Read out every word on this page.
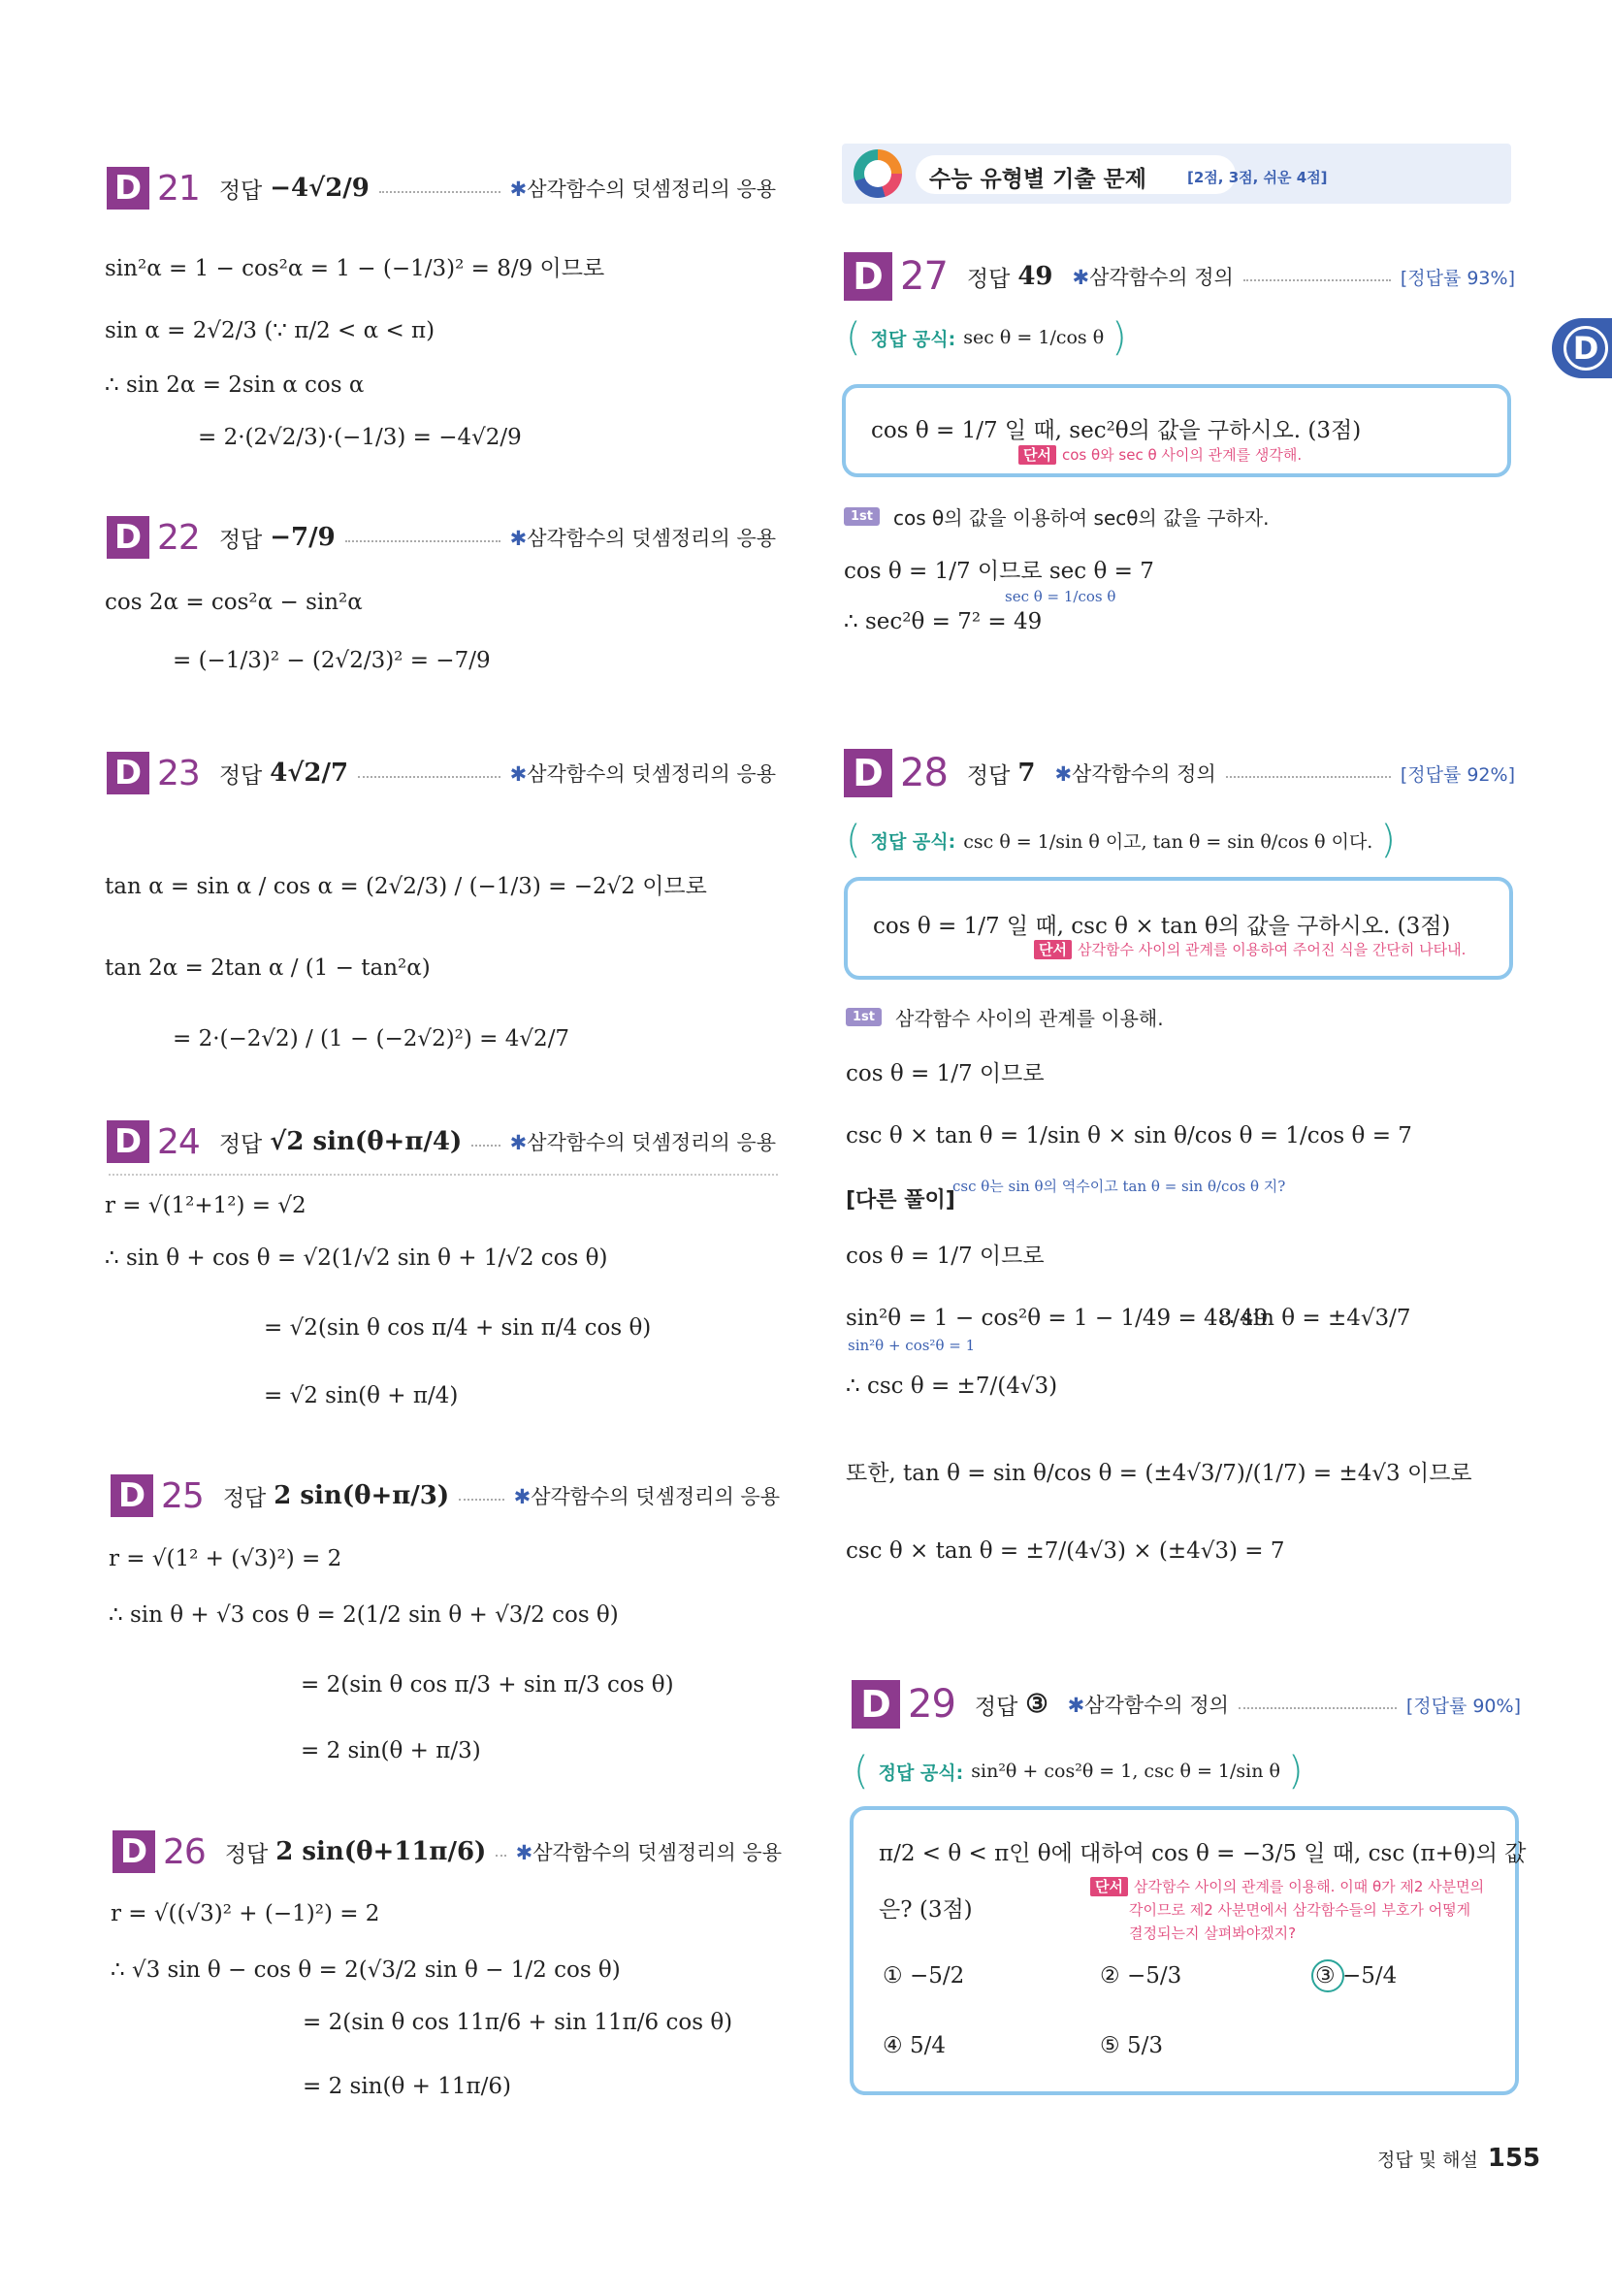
D
D 21 정답 −4√2/9	✱삼각함수의 덧셈정리의 응용
sin²α = 1 − cos²α = 1 − (−1/3)² = 8/9 이므로
sin α = 2√2/3 (∵ π/2 < α < π)
∴ sin 2α = 2sin α cos α
= 2·(2√2/3)·(−1/3) = −4√2/9
D 22 정답 −7/9	✱삼각함수의 덧셈정리의 응용
cos 2α = cos²α − sin²α
= (−1/3)² − (2√2/3)² = −7/9
D 23 정답 4√2/7	✱삼각함수의 덧셈정리의 응용
tan α = sin α / cos α = (2√2/3) / (−1/3) = −2√2 이므로
tan 2α = 2tan α / (1 − tan²α)
= 2·(−2√2) / (1 − (−2√2)²) = 4√2/7
D 24 정답 √2 sin(θ+π/4) ✱삼각함수의 덧셈정리의 응용
r = √(1²+1²) = √2
∴ sin θ + cos θ = √2(1/√2 sin θ + 1/√2 cos θ)
= √2(sin θ cos π/4 + sin π/4 cos θ)
= √2 sin(θ + π/4)
D 25 정답 2 sin(θ+π/3)	✱삼각함수의 덧셈정리의 응용
r = √(1² + (√3)²) = 2
∴ sin θ + √3 cos θ = 2(1/2 sin θ + √3/2 cos θ)
= 2(sin θ cos π/3 + sin π/3 cos θ)
= 2 sin(θ + π/3)
D 26 정답 2 sin(θ+11π/6) ✱삼각함수의 덧셈정리의 응용
r = √((√3)² + (−1)²) = 2
∴ √3 sin θ − cos θ = 2(√3/2 sin θ − 1/2 cos θ)
= 2(sin θ cos 11π/6 + sin 11π/6 cos θ)
= 2 sin(θ + 11π/6)
수능 유형별 기출 문제	[2점, 3점, 쉬운 4점]
D 27 정답 49 ✱삼각함수의 정의	[정답률 93%]
( 정답 공식: sec θ = 1/cos θ )
cos θ = 1/7 일 때, sec²θ의 값을 구하시오. (3점)
단서 cos θ와 sec θ 사이의 관계를 생각해.
1st	cos θ의 값을 이용하여 secθ의 값을 구하자.
cos θ = 1/7 이므로 sec θ = 7
sec θ = 1/cos θ
∴ sec²θ = 7² = 49
D 28 정답 7 ✱삼각함수의 정의	[정답률 92%]
( 정답 공식: csc θ = 1/sin θ 이고, tan θ = sin θ/cos θ 이다. )
cos θ = 1/7 일 때, csc θ × tan θ의 값을 구하시오. (3점)
단서 삼각함수 사이의 관계를 이용하여 주어진 식을 간단히 나타내.
1st	삼각함수 사이의 관계를 이용해.
cos θ = 1/7 이므로
csc θ × tan θ = 1/sin θ × sin θ/cos θ = 1/cos θ = 7
[다른 풀이]
csc θ는 sin θ의 역수이고 tan θ = sin θ/cos θ 지?
cos θ = 1/7 이므로
sin²θ = 1 − cos²θ = 1 − 1/49 = 48/49
sin²θ + cos²θ = 1
∴ sin θ = ±4√3/7
∴ csc θ = ±7/(4√3)
또한, tan θ = sin θ/cos θ = (±4√3/7)/(1/7) = ±4√3 이므로
csc θ × tan θ = ±7/(4√3) × (±4√3) = 7
D 29 정답 ③ ✱삼각함수의 정의	[정답률 90%]
( 정답 공식: sin²θ + cos²θ = 1, csc θ = 1/sin θ )
π/2 < θ < π인 θ에 대하여 cos θ = −3/5 일 때, csc (π+θ)의 값
은? (3점)
단서 삼각함수 사이의 관계를 이용해. 이때 θ가 제2 사분면의
각이므로 제2 사분면에서 삼각함수들의 부호가 어떻게
결정되는지 살펴봐야겠지?
① −5/2	② −5/3	③ −5/4
④ 5/4	⑤ 5/3
정답 및 해설 155
